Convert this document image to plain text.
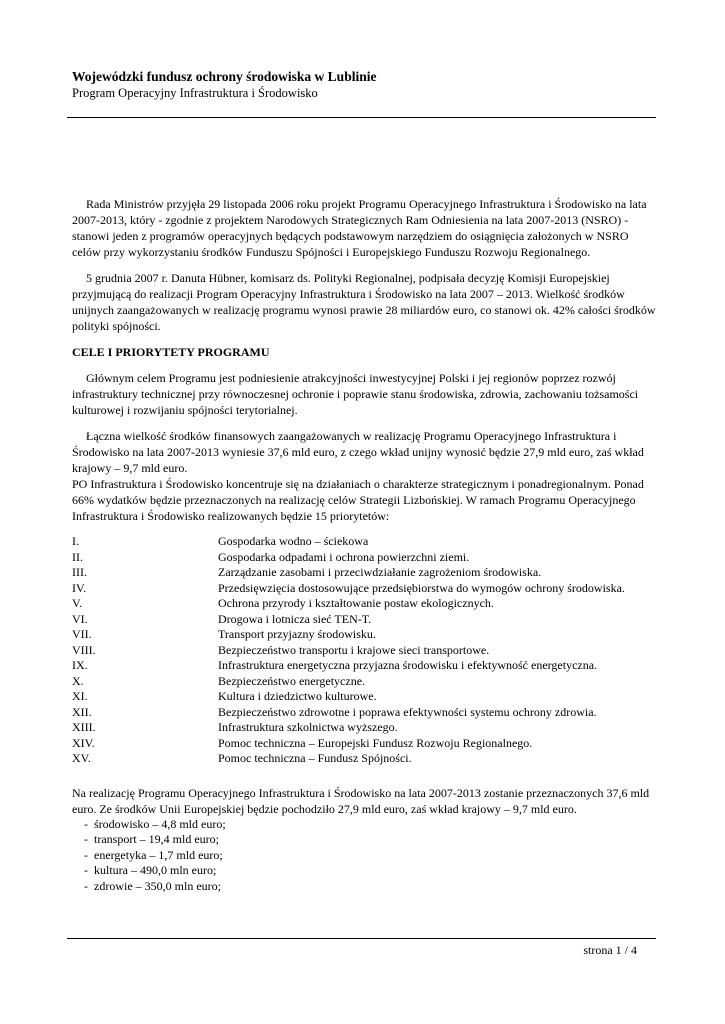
Wojewódzki fundusz ochrony środowiska w Lublinie
Program Operacyjny Infrastruktura i Środowisko

Rada Ministrów przyjęła 29 listopada 2006 roku projekt Programu Operacyjnego Infrastruktura i Środowisko na lata 2007-2013, który - zgodnie z projektem Narodowych Strategicznych Ram Odniesienia na lata 2007-2013 (NSRO) - stanowi jeden z programów operacyjnych będących podstawowym narzędziem do osiągnięcia założonych w NSRO celów przy wykorzystaniu środków Funduszu Spójności i Europejskiego Funduszu Rozwoju Regionalnego.

5 grudnia 2007 r. Danuta Hübner, komisarz ds. Polityki Regionalnej, podpisała decyzję Komisji Europejskiej przyjmującą do realizacji Program Operacyjny Infrastruktura i Środowisko na lata 2007 – 2013. Wielkość środków unijnych zaangażowanych w realizację programu wynosi prawie 28 miliardów euro, co stanowi ok. 42% całości środków polityki spójności.

CELE I PRIORYTETY PROGRAMU

Głównym celem Programu jest podniesienie atrakcyjności inwestycyjnej Polski i jej regionów poprzez rozwój infrastruktury technicznej przy równoczesnej ochronie i poprawie stanu środowiska, zdrowia, zachowaniu tożsamości kulturowej i rozwijaniu spójności terytorialnej.

Łączna wielkość środków finansowych zaangażowanych w realizację Programu Operacyjnego Infrastruktura i Środowisko na lata 2007-2013 wyniesie 37,6 mld euro, z czego wkład unijny wynosić będzie 27,9 mld euro, zaś wkład krajowy – 9,7 mld euro.

PO Infrastruktura i Środowisko koncentruje się na działaniach o charakterze strategicznym i ponadregionalnym. Ponad 66% wydatków będzie przeznaczonych na realizację celów Strategii Lizbońskiej. W ramach Programu Operacyjnego Infrastruktura i Środowisko realizowanych będzie 15 priorytetów:

I.	Gospodarka wodno – ściekowa
II.	Gospodarka odpadami i ochrona powierzchni ziemi.
III.	Zarządzanie zasobami i przeciwdziałanie zagrożeniom środowiska.
IV.	Przedsięwzięcia dostosowujące przedsiębiorstwa do wymogów ochrony środowiska.
V.	Ochrona przyrody i kształtowanie postaw ekologicznych.
VI.	Drogowa i lotnicza sieć TEN-T.
VII.	Transport przyjazny środowisku.
VIII.	Bezpieczeństwo transportu i krajowe sieci transportowe.
IX.	Infrastruktura energetyczna przyjazna środowisku i efektywność energetyczna.
X.	Bezpieczeństwo energetyczne.
XI.	Kultura i dziedzictwo kulturowe.
XII.	Bezpieczeństwo zdrowotne i poprawa efektywności systemu ochrony zdrowia.
XIII.	Infrastruktura szkolnictwa wyższego.
XIV.	Pomoc techniczna – Europejski Fundusz Rozwoju Regionalnego.
XV.	Pomoc techniczna – Fundusz Spójności.

Na realizację Programu Operacyjnego Infrastruktura i Środowisko na lata 2007-2013 zostanie przeznaczonych 37,6 mld euro. Ze środków Unii Europejskiej będzie pochodziło 27,9 mld euro, zaś wkład krajowy – 9,7 mld euro.

- środowisko – 4,8 mld euro;
- transport – 19,4 mld euro;
- energetyka – 1,7 mld euro;
- kultura – 490,0 mln euro;
- zdrowie – 350,0 mln euro;
strona 1 / 4
